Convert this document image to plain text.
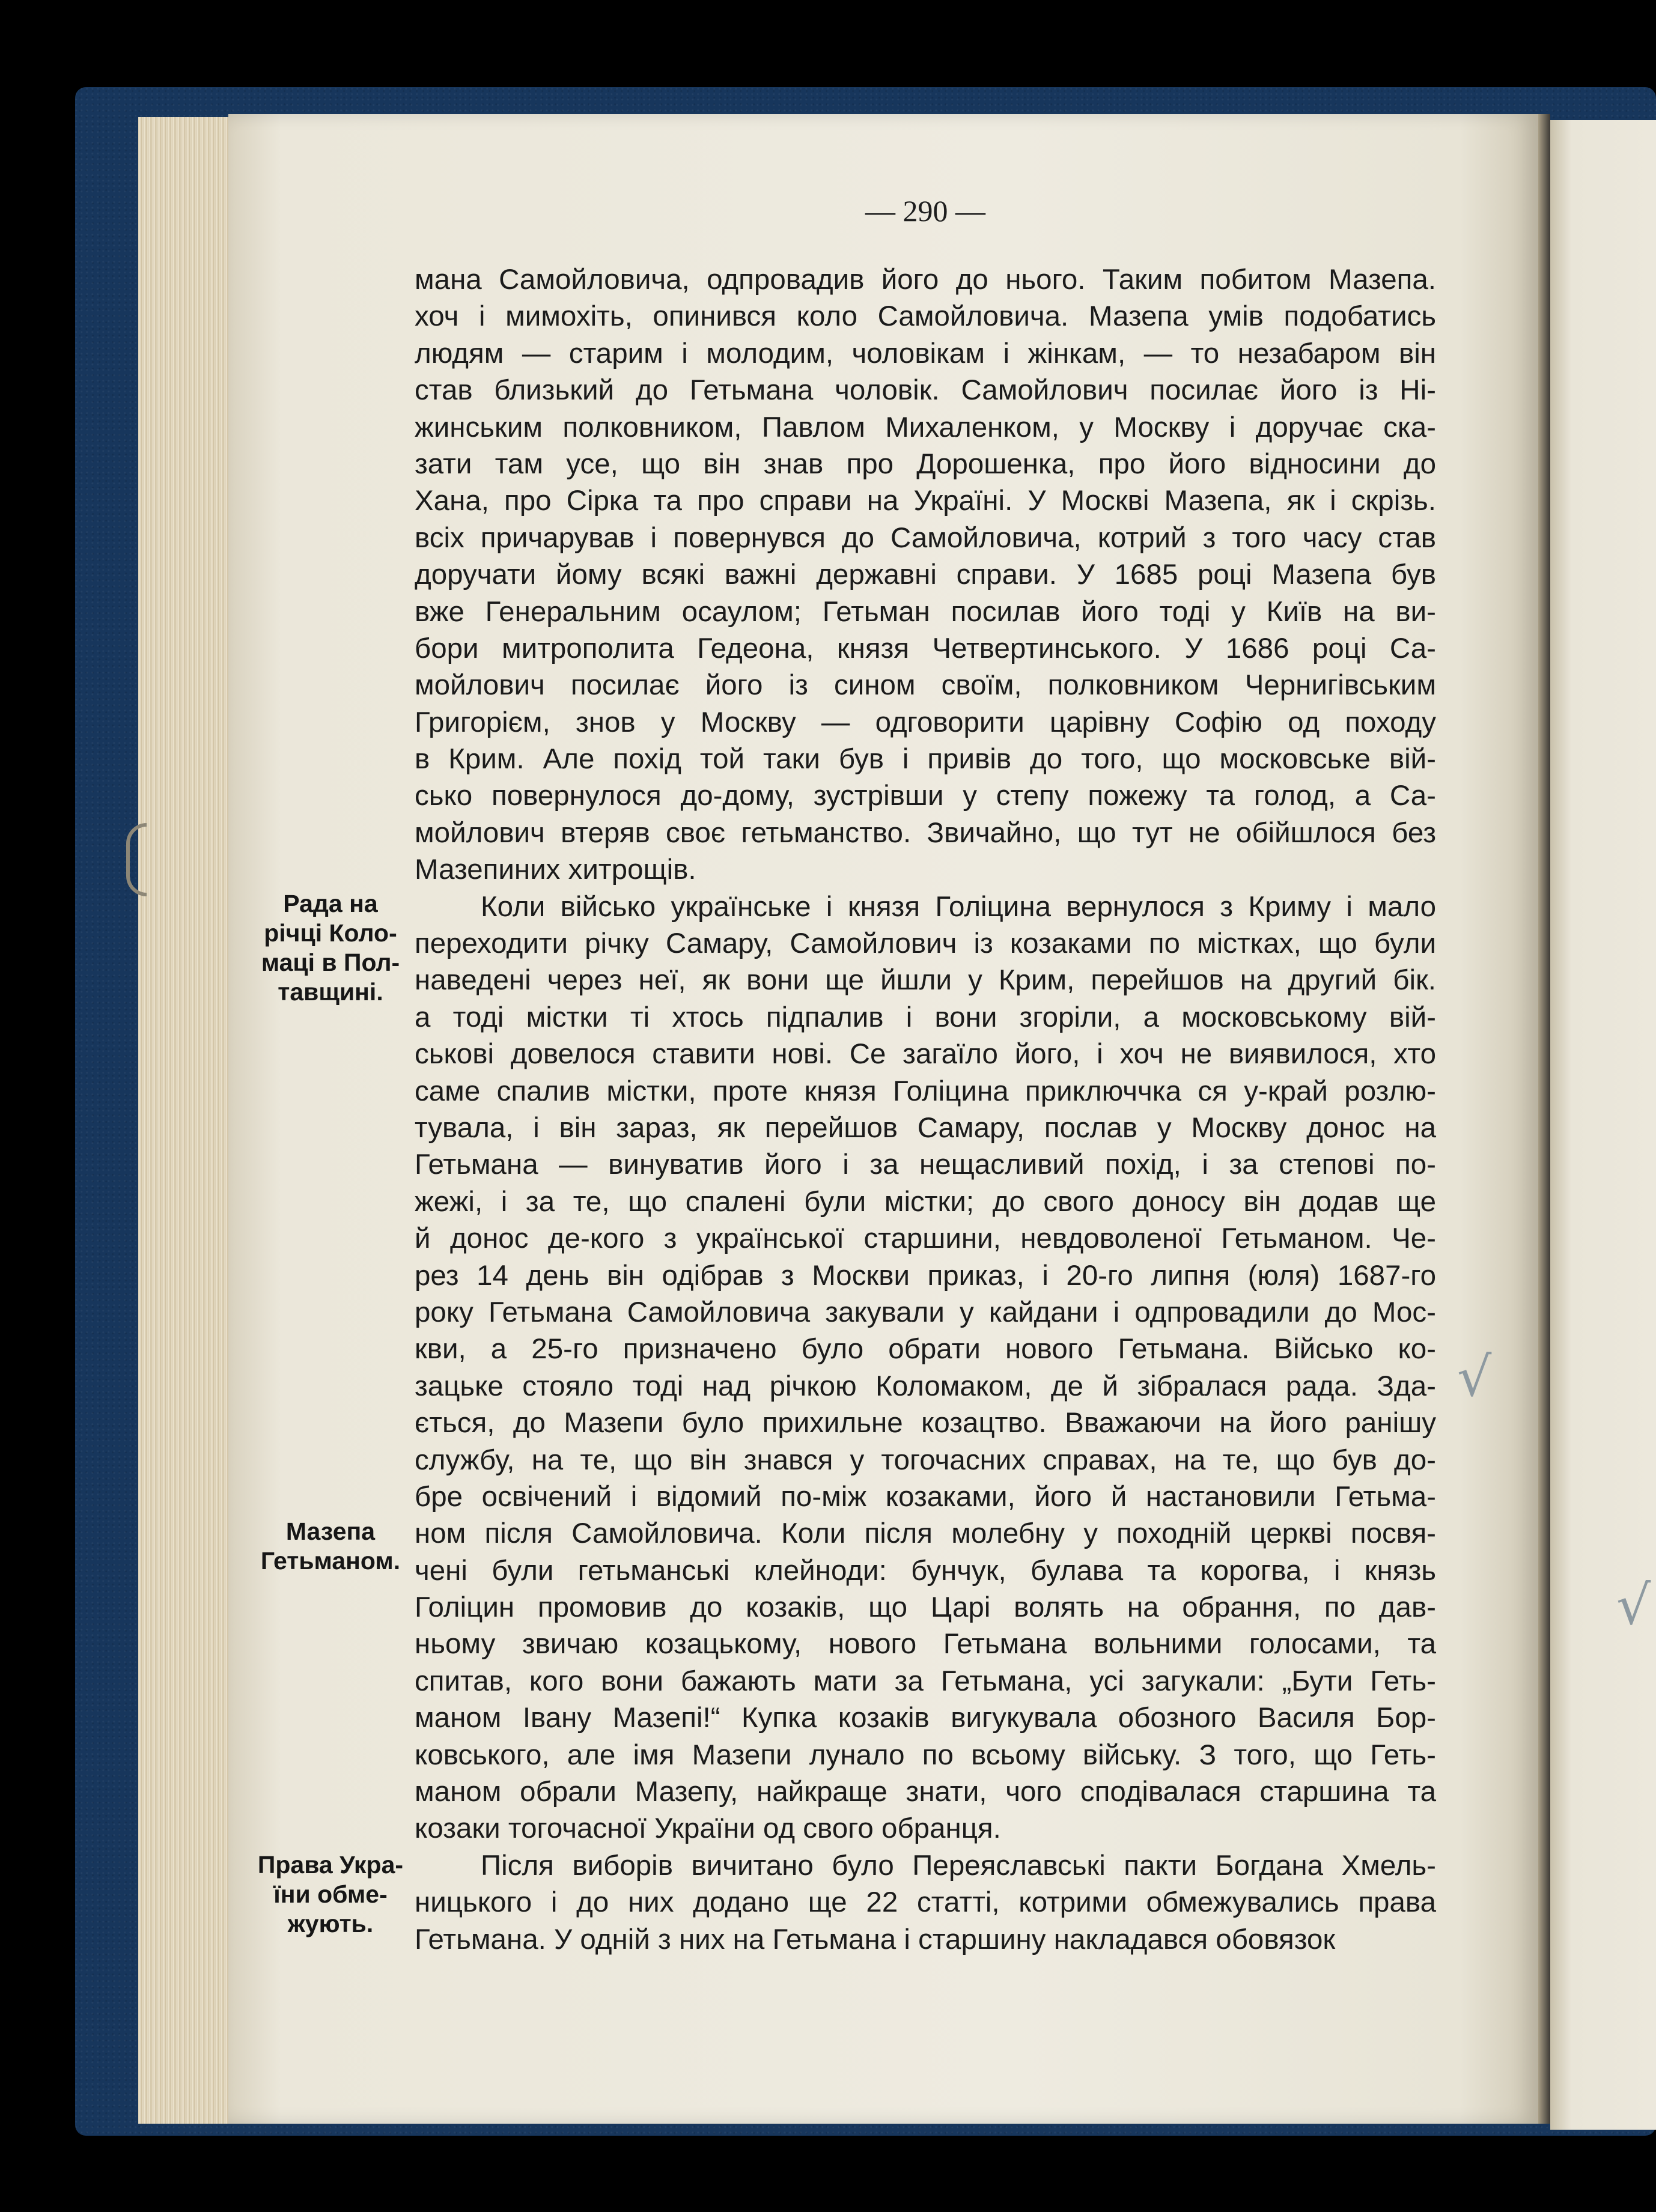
— 290 —
мана Самойловича, одпровадив його до нього. Таким побитом Мазепа.
хоч і мимохіть, опинився коло Самойловича. Мазепа умів подобатись
людям — старим і молодим, чоловікам і жінкам, — то незабаром він
став близький до Гетьмана чоловік. Самойлович посилає його із Ні-
жинським полковником, Павлом Михаленком, у Москву і доручає ска-
зати там усе, що він знав про Дорошенка, про його відносини до
Хана, про Сірка та про справи на Україні. У Москві Мазепа, як і скрізь.
всіх причарував і повернувся до Самойловича, котрий з того часу став
доручати йому всякі важні державні справи. У 1685 році Мазепа був
вже Генеральним осаулом; Гетьман посилав його тоді у Київ на ви-
бори митрополита Гедеона, князя Четвертинського. У 1686 році Са-
мойлович посилає його із сином своїм, полковником Чернигівським
Григорієм, знов у Москву — одговорити царівну Софію од походу
в Крим. Але похід той таки був і привів до того, що московське вій-
сько повернулося до-дому, зустрівши у степу пожежу та голод, а Са-
мойлович втеряв своє гетьманство. Звичайно, що тут не обійшлося без
Мазепиних хитрощів.
Коли військо українське і князя Голіцина вернулося з Криму і мало
переходити річку Самару, Самойлович із козаками по містках, що були
наведені через неї, як вони ще йшли у Крим, перейшов на другий бік.
а тоді містки ті хтось підпалив і вони згоріли, а московському вій-
ськові довелося ставити нові. Се загаїло його, і хоч не виявилося, хто
саме спалив містки, проте князя Голіцина приключчка ся у-край розлю-
тувала, і він зараз, як перейшов Самару, послав у Москву донос на
Гетьмана — винуватив його і за нещасливий похід, і за степові по-
жежі, і за те, що спалені були містки; до свого доносу він додав ще
й донос де-кого з української старшини, невдоволеної Гетьманом. Че-
рез 14 день він одібрав з Москви приказ, і 20-го липня (юля) 1687-го
року Гетьмана Самойловича закували у кайдани і одпровадили до Мос-
кви, а 25-го призначено було обрати нового Гетьмана. Військо ко-
зацьке стояло тоді над річкою Коломаком, де й зібралася рада. Зда-
ється, до Мазепи було прихильне козацтво. Вважаючи на його ранішу
службу, на те, що він знався у тогочасних справах, на те, що був до-
бре освічений і відомий по-між козаками, його й настановили Гетьма-
ном після Самойловича. Коли після молебну у походній церкві посвя-
чені були гетьманські клейноди: бунчук, булава та корогва, і князь
Голіцин промовив до козаків, що Царі волять на обрання, по дав-
ньому звичаю козацькому, нового Гетьмана вольними голосами, та
спитав, кого вони бажають мати за Гетьмана, усі загукали: „Бути Геть-
маном Івану Мазепі!“ Купка козаків вигукувала обозного Василя Бор-
ковського, але імя Мазепи лунало по всьому війську. З того, що Геть-
маном обрали Мазепу, найкраще знати, чого сподівалася старшина та
козаки тогочасної України од свого обранця.
Після виборів вичитано було Переяславські пакти Богдана Хмель-
ницького і до них додано ще 22 статті, котрими обмежувались права
Гетьмана. У одній з них на Гетьмана і старшину накладався обовязок
Рада на
річці Коло-
маці в Пол-
тавщині.
Мазепа
Гетьманом.
Права Укра-
їни обме-
жують.
√
√
